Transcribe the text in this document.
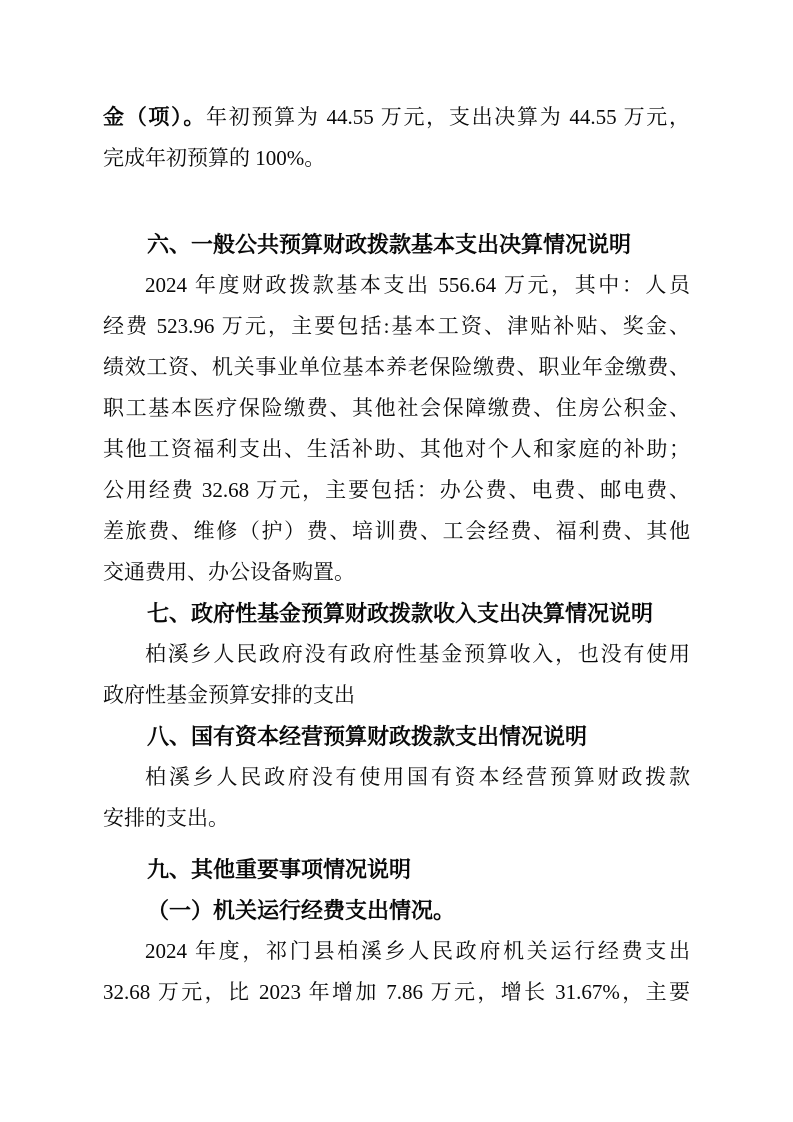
金（项）。年初预算为 44.55 万元，支出决算为 44.55 万元，
完成年初预算的 100%。
六、一般公共预算财政拨款基本支出决算情况说明
2024 年度财政拨款基本支出 556.64 万元，其中：人员
经费 523.96 万元，主要包括:基本工资、津贴补贴、奖金、
绩效工资、机关事业单位基本养老保险缴费、职业年金缴费、
职工基本医疗保险缴费、其他社会保障缴费、住房公积金、
其他工资福利支出、生活补助、其他对个人和家庭的补助；
公用经费 32.68 万元，主要包括：办公费、电费、邮电费、
差旅费、维修（护）费、培训费、工会经费、福利费、其他
交通费用、办公设备购置。
七、政府性基金预算财政拨款收入支出决算情况说明
柏溪乡人民政府没有政府性基金预算收入，也没有使用
政府性基金预算安排的支出
八、国有资本经营预算财政拨款支出情况说明
柏溪乡人民政府没有使用国有资本经营预算财政拨款
安排的支出。
九、其他重要事项情况说明
（一）机关运行经费支出情况。
2024 年度，祁门县柏溪乡人民政府机关运行经费支出
32.68 万元，比 2023 年增加 7.86 万元，增长 31.67%，主要
